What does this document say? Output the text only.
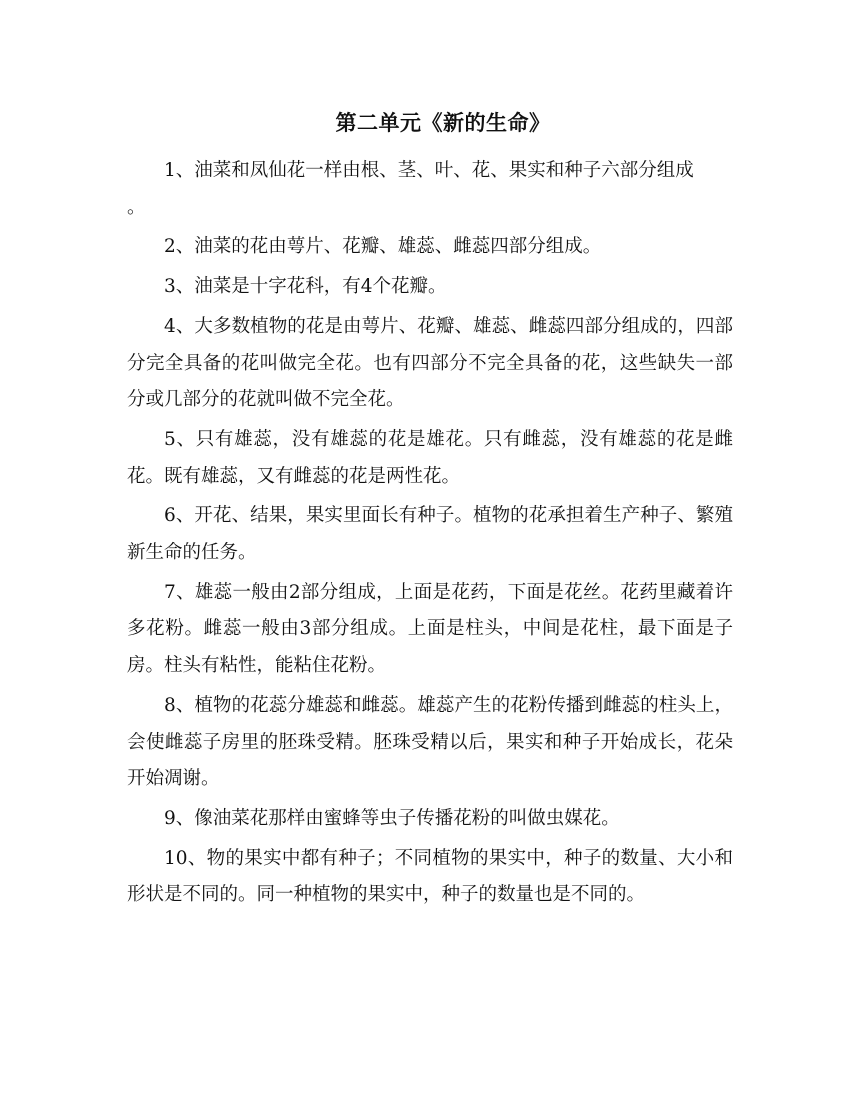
第二单元《新的生命》

1、油菜和凤仙花一样由根、茎、叶、花、果实和种子六部分组成
。

2、油菜的花由萼片、花瓣、雄蕊、雌蕊四部分组成。

3、油菜是十字花科，有4个花瓣。

4、大多数植物的花是由萼片、花瓣、雄蕊、雌蕊四部分组成的，四部分完全具备的花叫做完全花。也有四部分不完全具备的花，这些缺失一部分或几部分的花就叫做不完全花。

5、只有雄蕊，没有雄蕊的花是雄花。只有雌蕊，没有雄蕊的花是雌花。既有雄蕊，又有雌蕊的花是两性花。

6、开花、结果，果实里面长有种子。植物的花承担着生产种子、繁殖新生命的任务。

7、雄蕊一般由2部分组成，上面是花药，下面是花丝。花药里藏着许多花粉。雌蕊一般由3部分组成。上面是柱头，中间是花柱，最下面是子房。柱头有粘性，能粘住花粉。

8、植物的花蕊分雄蕊和雌蕊。雄蕊产生的花粉传播到雌蕊的柱头上，会使雌蕊子房里的胚珠受精。胚珠受精以后，果实和种子开始成长，花朵开始凋谢。

9、像油菜花那样由蜜蜂等虫子传播花粉的叫做虫媒花。

10、物的果实中都有种子；不同植物的果实中，种子的数量、大小和形状是不同的。同一种植物的果实中，种子的数量也是不同的。
